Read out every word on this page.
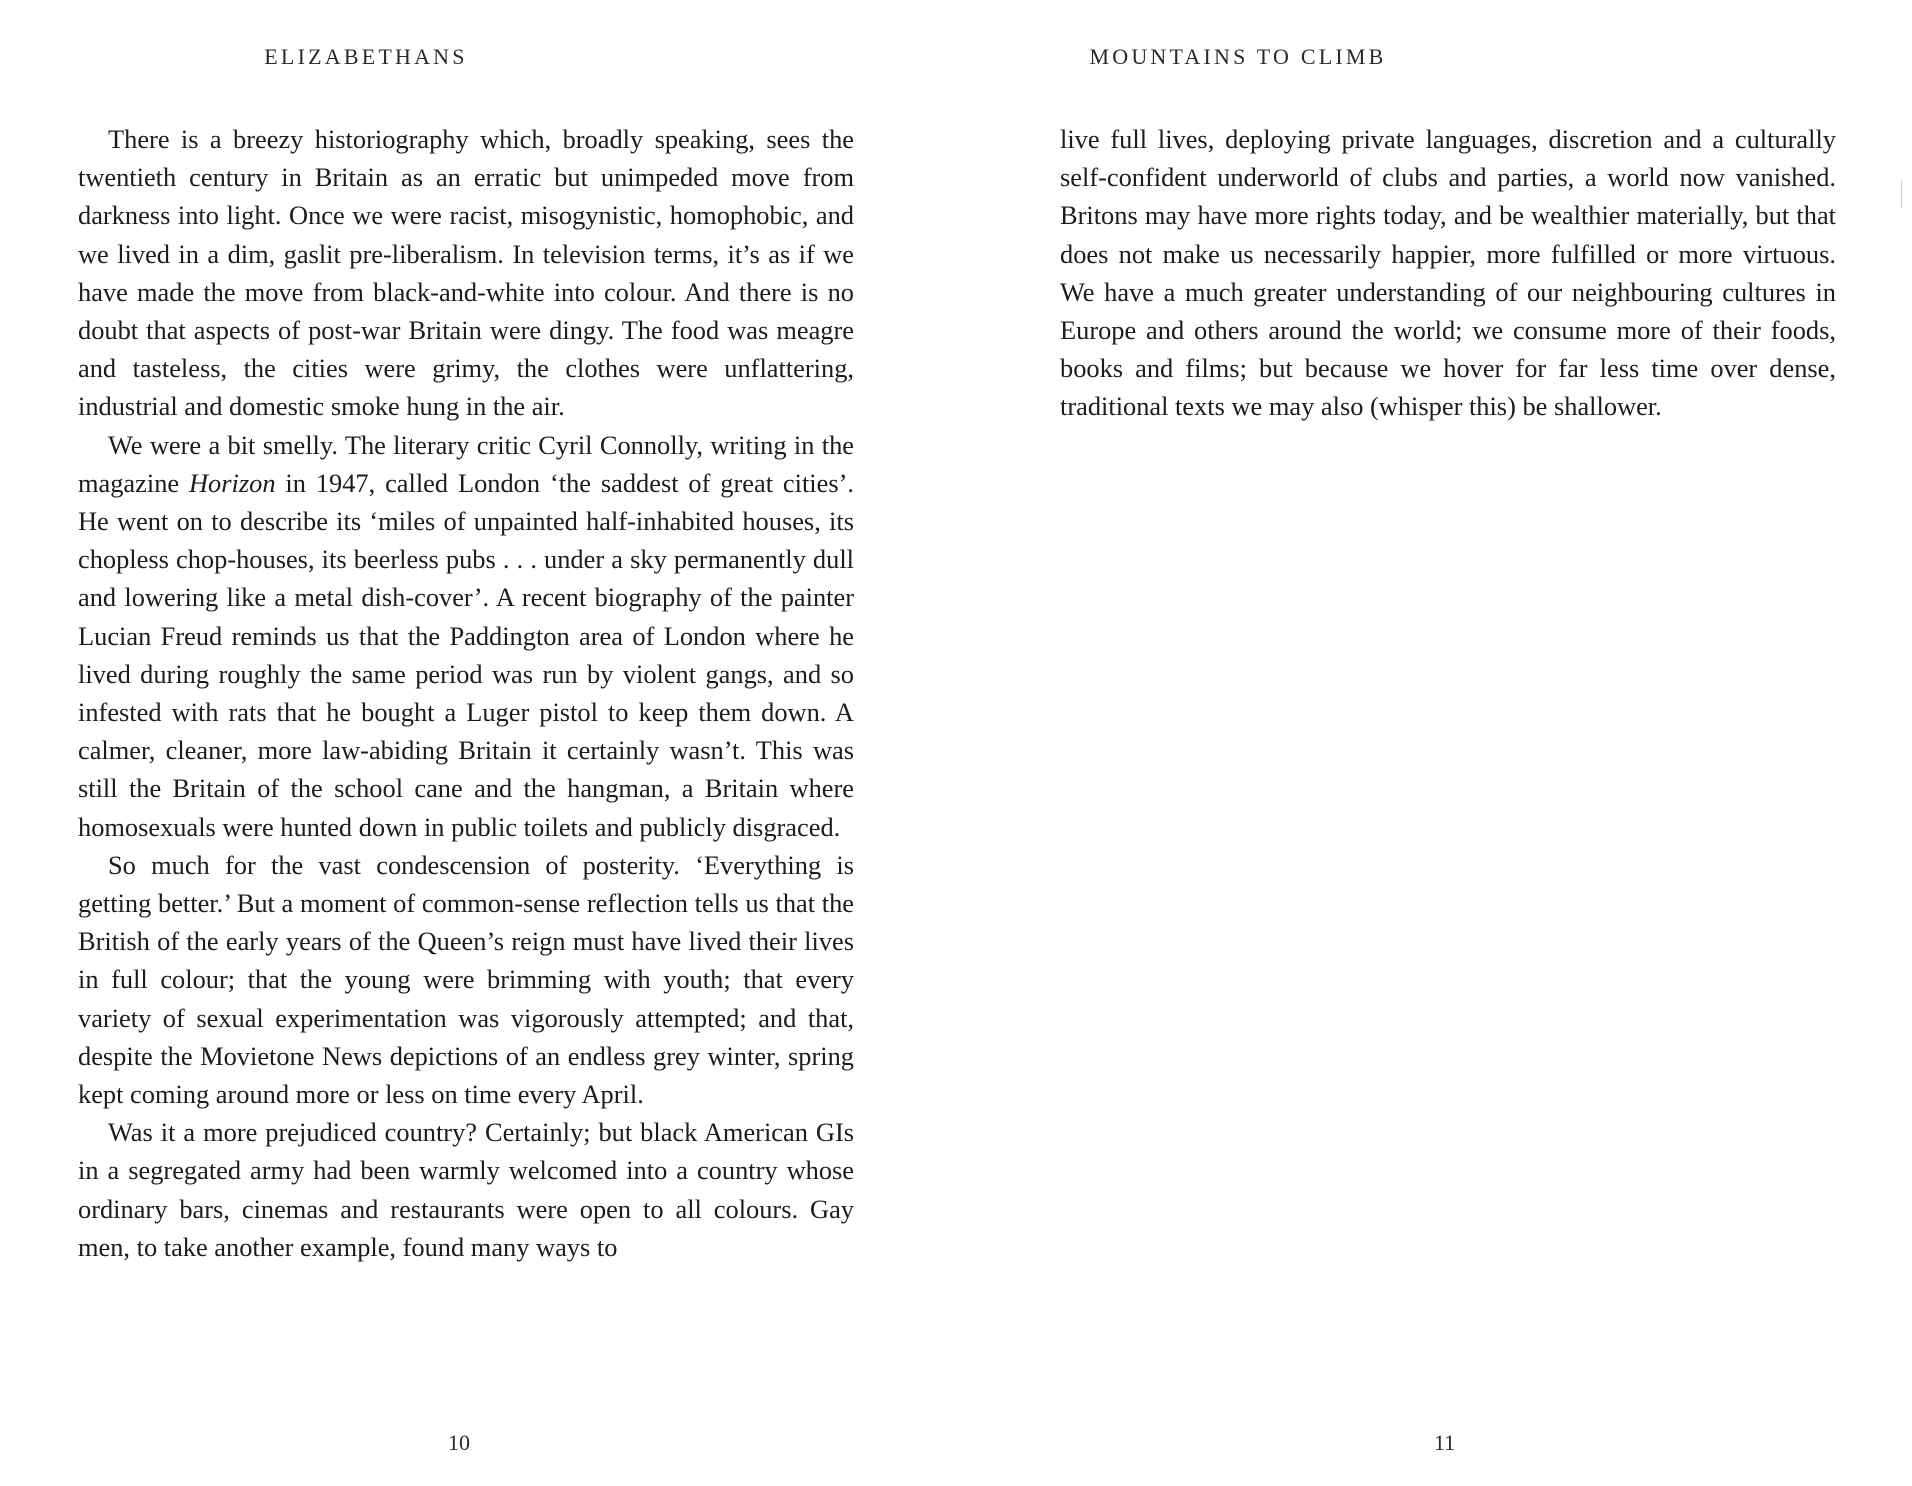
ELIZABETHANS

There is a breezy historiography which, broadly speaking, sees the twentieth century in Britain as an erratic but unimpeded move from darkness into light. Once we were racist, misogynistic, homophobic, and we lived in a dim, gaslit pre-liberalism. In television terms, it’s as if we have made the move from black-and-white into colour. And there is no doubt that aspects of post-war Britain were dingy. The food was meagre and tasteless, the cities were grimy, the clothes were unflattering, industrial and domestic smoke hung in the air.

We were a bit smelly. The literary critic Cyril Connolly, writing in the magazine Horizon in 1947, called London ‘the saddest of great cities’. He went on to describe its ‘miles of unpainted half-inhabited houses, its chopless chop-houses, its beerless pubs . . . under a sky permanently dull and lowering like a metal dish-cover’. A recent biography of the painter Lucian Freud reminds us that the Paddington area of London where he lived during roughly the same period was run by violent gangs, and so infested with rats that he bought a Luger pistol to keep them down. A calmer, cleaner, more law-abiding Britain it certainly wasn’t. This was still the Britain of the school cane and the hangman, a Britain where homosexuals were hunted down in public toilets and publicly disgraced.

So much for the vast condescension of posterity. ‘Everything is getting better.’ But a moment of common-sense reflection tells us that the British of the early years of the Queen’s reign must have lived their lives in full colour; that the young were brimming with youth; that every variety of sexual experimentation was vigorously attempted; and that, despite the Movietone News depictions of an endless grey winter, spring kept coming around more or less on time every April.

Was it a more prejudiced country? Certainly; but black American GIs in a segregated army had been warmly welcomed into a country whose ordinary bars, cinemas and restaurants were open to all colours. Gay men, to take another example, found many ways to

10
MOUNTAINS TO CLIMB

live full lives, deploying private languages, discretion and a culturally self-confident underworld of clubs and parties, a world now vanished. Britons may have more rights today, and be wealthier materially, but that does not make us necessarily happier, more fulfilled or more virtuous. We have a much greater understanding of our neighbouring cultures in Europe and others around the world; we consume more of their foods, books and films; but because we hover for far less time over dense, traditional texts we may also (whisper this) be shallower.

11
